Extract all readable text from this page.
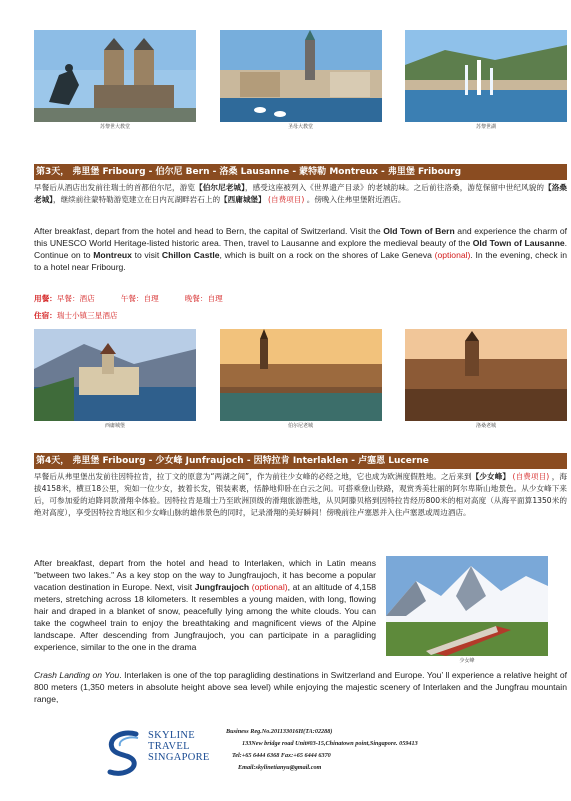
苏黎世大教堂	圣母大教堂	苏黎世湖
第3天， 弗里堡 Fribourg - 伯尔尼 Bern - 洛桑 Lausanne - 蒙特勒 Montreux - 弗里堡 Fribourg

早餐后从酒店出发前往瑞士的首都伯尔尼，游览【伯尔尼老城】，感受这座被列入《世界遗产目录》的老城韵味。之后前往洛桑，游览保留中世纪风貌的【洛桑老城】，继续前往蒙特勒游览建立在日内瓦湖畔岩石上的【西庸城堡】 (自费项目) 。傍晚入住弗里堡附近酒店。

After breakfast, depart from the hotel and head to Bern, the capital of Switzerland. Visit the Old Town of Bern and experience the charm of this UNESCO World Heritage-listed historic area. Then, travel to Lausanne and explore the medieval beauty of the Old Town of Lausanne. Continue on to Montreux to visit Chillon Castle, which is built on a rock on the shores of Lake Geneva (optional). In the evening, check in to a hotel near Fribourg.

用餐：早餐：酒店	午餐：自理	晚餐：自理
住宿：瑞士小镇三星酒店
西庸城堡	伯尔尼老城	洛桑老城
第4天， 弗里堡 Fribourg - 少女峰 Junfraujoch - 因特拉肯 Interlaklen - 卢塞恩 Lucerne

早餐后从弗里堡出发前往因特拉肯，拉丁文的原意为“两湖之间”，作为前往少女峰的必经之地，它也成为欧洲度假胜地。之后来到【少女峰】 (自费项目) ，海拔4158米，横亘18公里，宛如一位少女，披着长发，银装素裹，恬静地仰卧在白云之间。可搭乘登山铁路，观赏秀美壮丽的阿尔卑斯山地景色。从少女峰下来后，可参加爱的迫降同款滑翔伞体验。因特拉肯是瑞士乃至欧洲顶级的滑翔旅游胜地，从贝阿滕贝格到因特拉肯经历800米的相对高度（从海平面算1350米的绝对高度），享受因特拉肯地区和少女峰山脉的雄伟景色的同时，记录滑翔的美好瞬间！傍晚前往卢塞恩并入住卢塞恩或周边酒店。

少女峰

After breakfast, depart from the hotel and head to Interlaken, which in Latin means "between two lakes." As a key stop on the way to Jungfraujoch, it has become a popular vacation destination in Europe. Next, visit Jungfraujoch (optional), at an altitude of 4,158 meters, stretching across 18 kilometers. It resembles a young maiden, with long, flowing hair and draped in a blanket of snow, peacefully lying among the white clouds. You can take the cogwheel train to enjoy the breathtaking and magnificent views of the Alpine landscape. After descending from Jungfraujoch, you can participate in a paragliding experience, similar to the one in the drama

Crash Landing on You. Interlaken is one of the top paragliding destinations in Switzerland and Europe. You’ ll experience a relative height of 800 meters (1,350 meters in absolute height above sea level) while enjoying the majestic scenery of Interlaken and the Jungfrau mountain range,

SKYLINE
TRAVEL
SINGAPORE
Business Reg.No.201133016H(TA:02288)
133New bridge road Unit#03-15,Chinatown point,Singapore. 059413
Tel:+65 6444 6368 Fax:+65 6444 6370
Email:skylinetianyu@gmail.com
